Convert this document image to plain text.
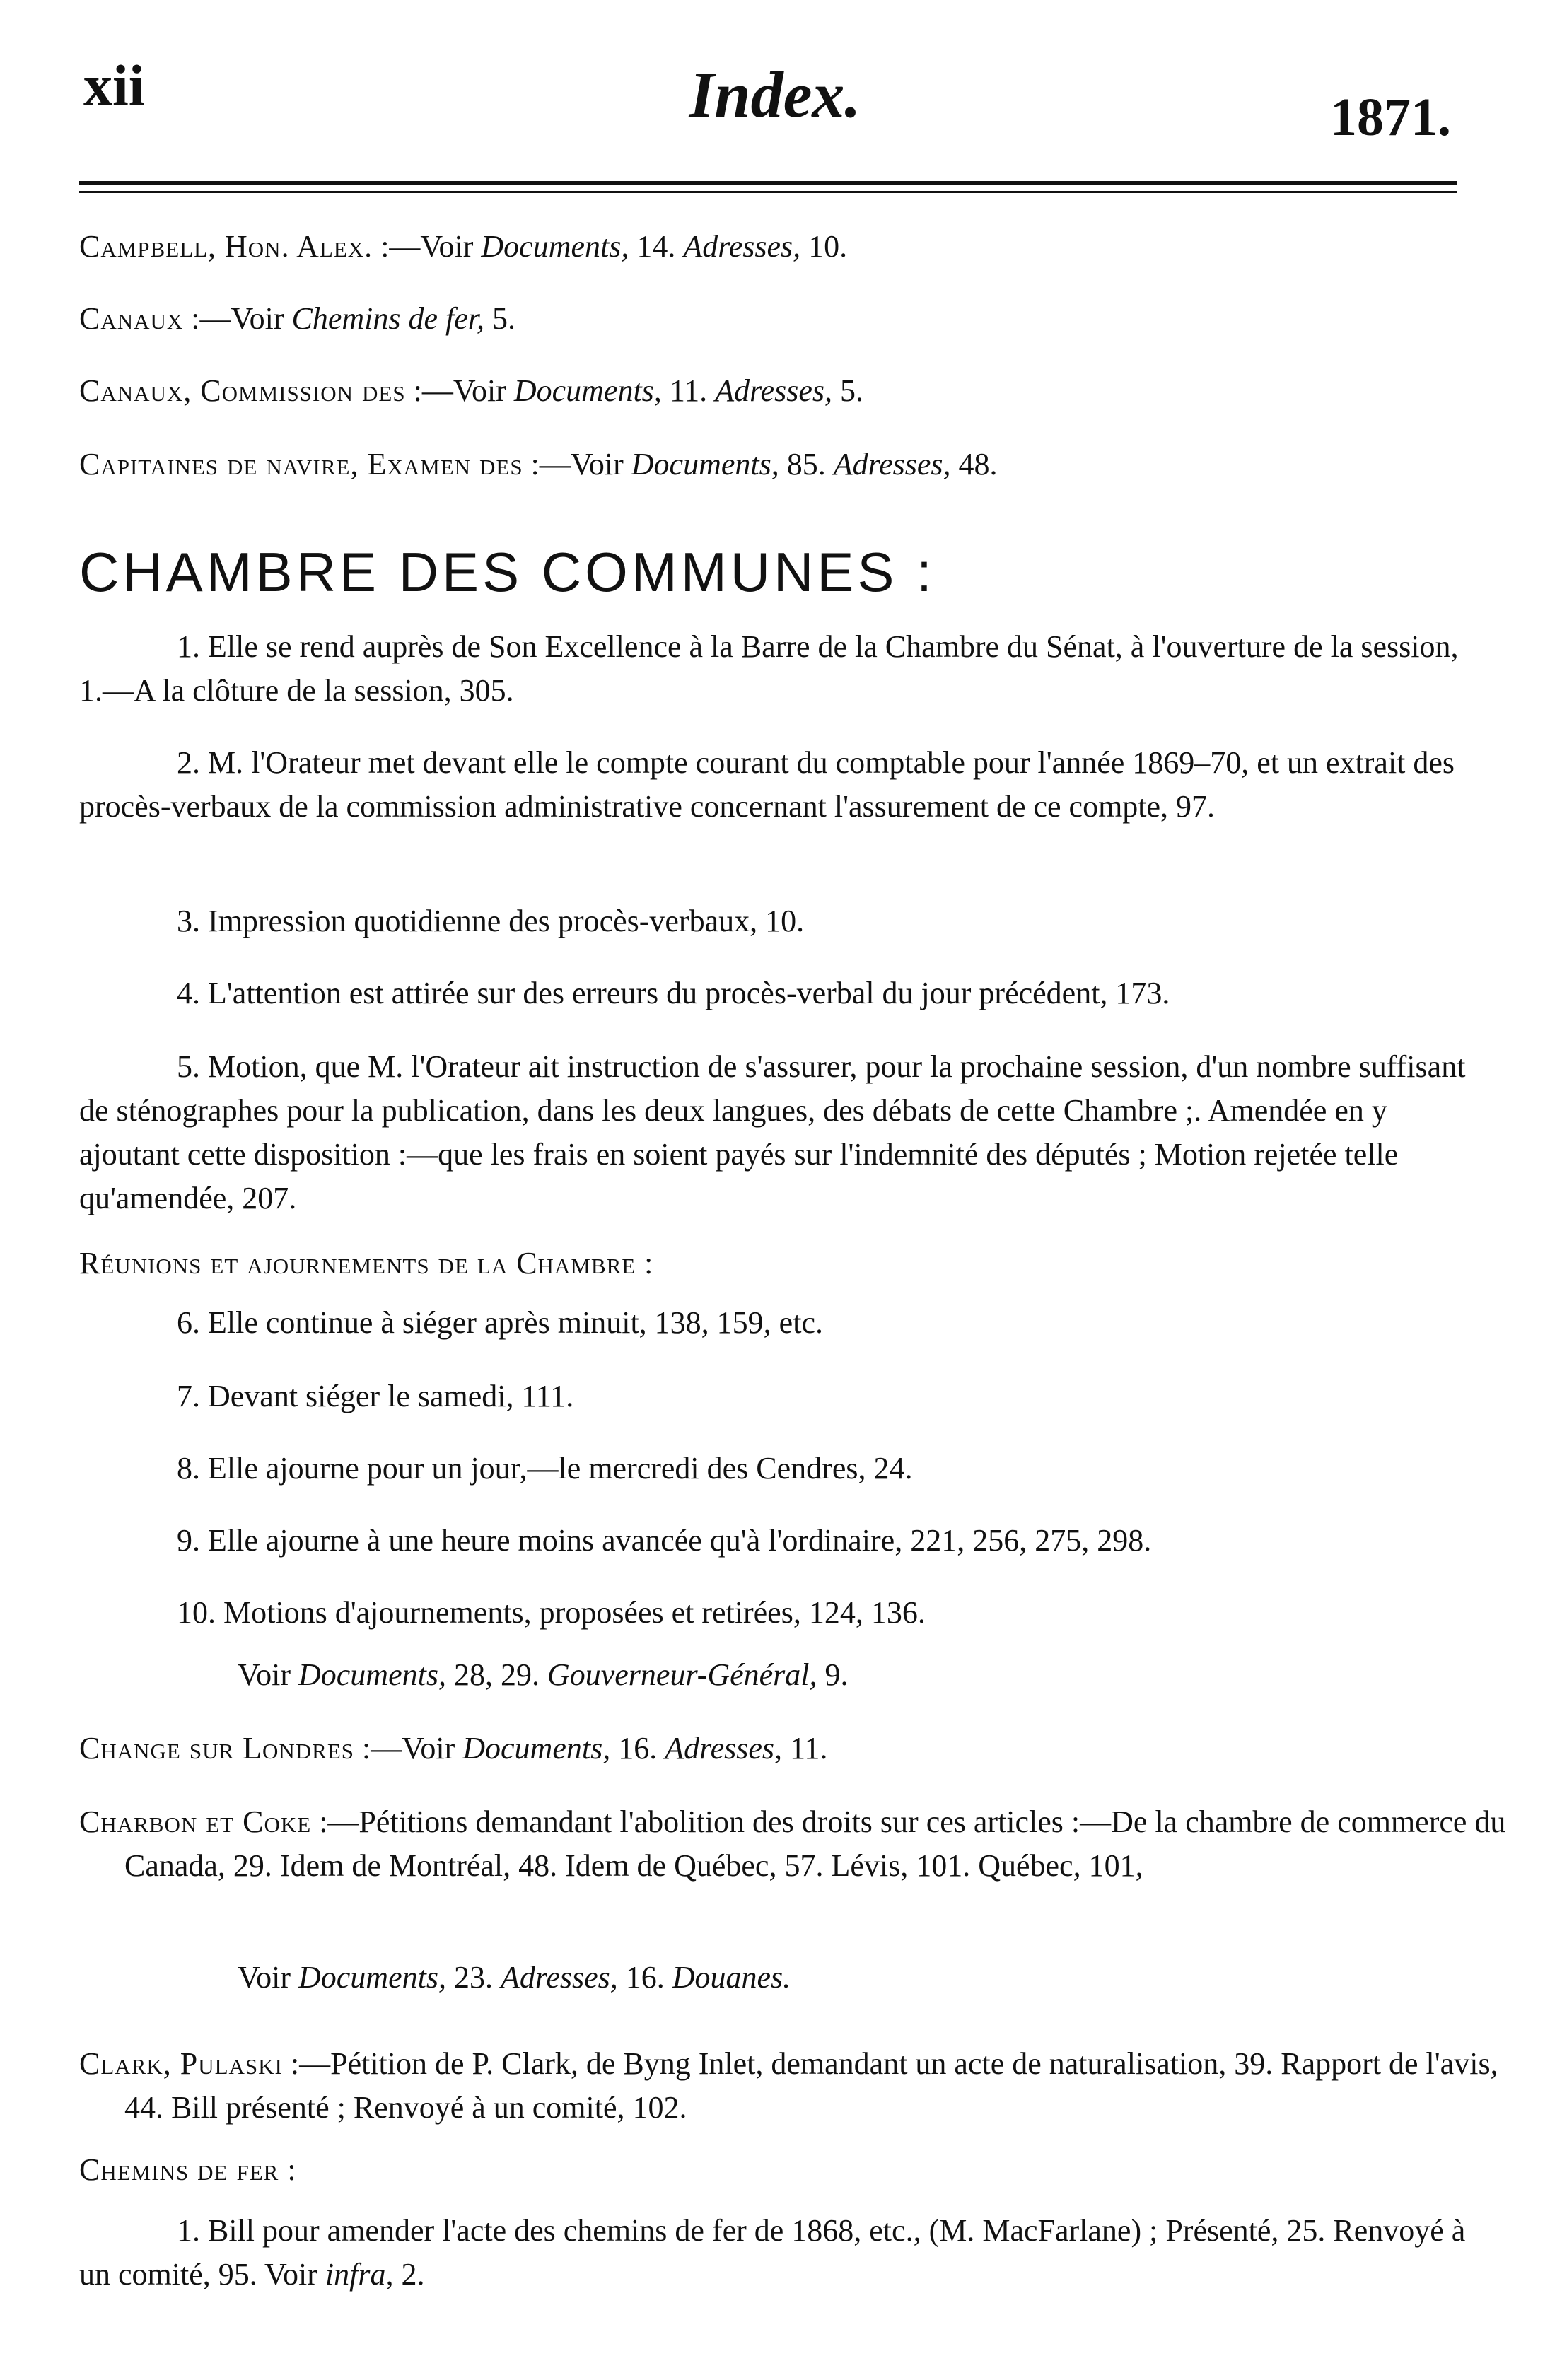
xii	Index.	1871.
Campbell, Hon. Alex. :—Voir Documents, 14. Adresses, 10.
Canaux :—Voir Chemins de fer, 5.
Canaux, Commission des :—Voir Documents, 11. Adresses, 5.
Capitaines de navire, Examen des :—Voir Documents, 85. Adresses, 48.
CHAMBRE DES COMMUNES :
1. Elle se rend auprès de Son Excellence à la Barre de la Chambre du Sénat, à l'ouverture de la session, 1.—A la clôture de la session, 305.
2. M. l'Orateur met devant elle le compte courant du comptable pour l'année 1869–70, et un extrait des procès-verbaux de la commission administrative concernant l'assurement de ce compte, 97.
3. Impression quotidienne des procès-verbaux, 10.
4. L'attention est attirée sur des erreurs du procès-verbal du jour précédent, 173.
5. Motion, que M. l'Orateur ait instruction de s'assurer, pour la prochaine session, d'un nombre suffisant de sténographes pour la publication, dans les deux langues, des débats de cette Chambre ;. Amendée en y ajoutant cette disposition :—que les frais en soient payés sur l'indemnité des députés ; Motion rejetée telle qu'amendée, 207.
Réunions et ajournements de la Chambre :
6. Elle continue à siéger après minuit, 138, 159, etc.
7. Devant siéger le samedi, 111.
8. Elle ajourne pour un jour,—le mercredi des Cendres, 24.
9. Elle ajourne à une heure moins avancée qu'à l'ordinaire, 221, 256, 275, 298.
10. Motions d'ajournements, proposées et retirées, 124, 136.
Voir Documents, 28, 29. Gouverneur-Général, 9.
Change sur Londres :—Voir Documents, 16. Adresses, 11.
Charbon et Coke :—Pétitions demandant l'abolition des droits sur ces articles :—De la chambre de commerce du Canada, 29. Idem de Montréal, 48. Idem de Québec, 57. Lévis, 101. Québec, 101,
Voir Documents, 23. Adresses, 16. Douanes.
Clark, Pulaski :—Pétition de P. Clark, de Byng Inlet, demandant un acte de naturalisation, 39. Rapport de l'avis, 44. Bill présenté ; Renvoyé à un comité, 102.
Chemins de fer :
1. Bill pour amender l'acte des chemins de fer de 1868, etc., (M. MacFarlane) ; Présenté, 25. Renvoyé à un comité, 95. Voir infra, 2.
